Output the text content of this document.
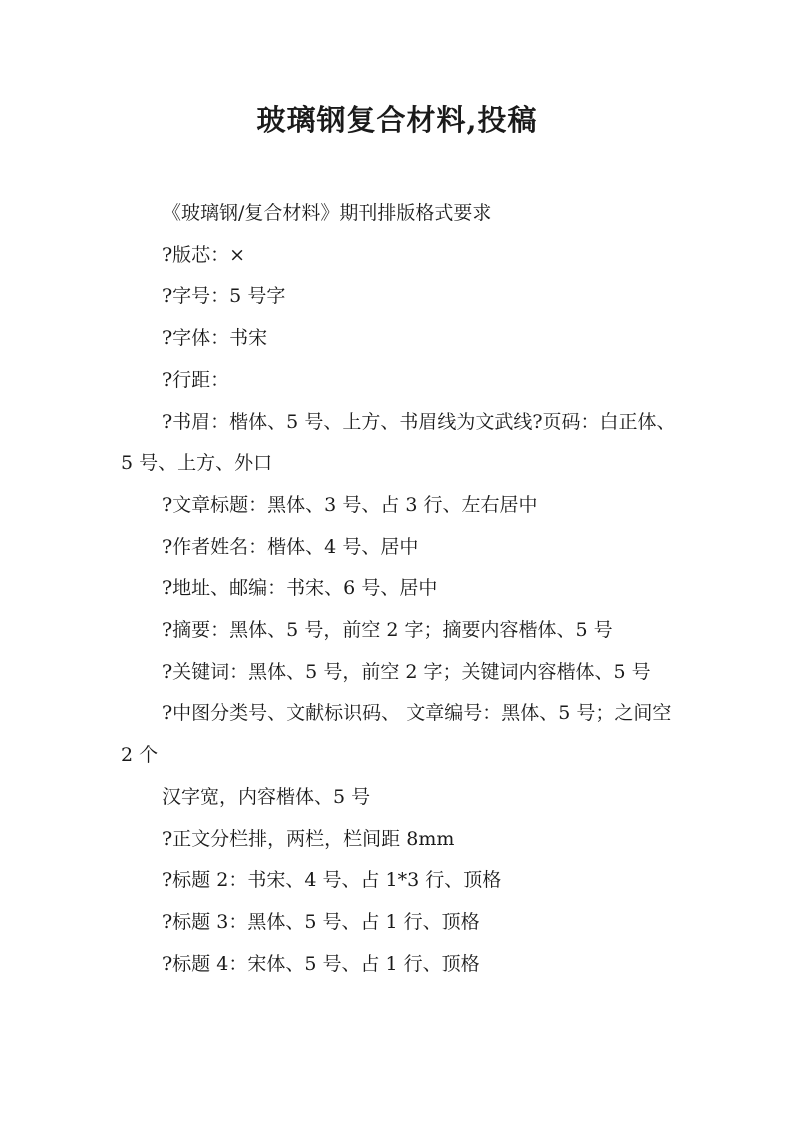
玻璃钢复合材料,投稿

《玻璃钢/复合材料》期刊排版格式要求

?版芯：×

?字号：5 号字

?字体：书宋

?行距：

?书眉：楷体、5 号、上方、书眉线为文武线?页码：白正体、5 号、上方、外口

?文章标题：黑体、3 号、占 3 行、左右居中

?作者姓名：楷体、4 号、居中

?地址、邮编：书宋、6 号、居中

?摘要：黑体、5 号，前空 2 字；摘要内容楷体、5 号

?关键词：黑体、5 号，前空 2 字；关键词内容楷体、5 号

?中图分类号、文献标识码、 文章编号：黑体、5 号；之间空 2 个

汉字宽，内容楷体、5 号

?正文分栏排，两栏，栏间距 8mm

?标题 2：书宋、4 号、占 1*3 行、顶格

?标题 3：黑体、5 号、占 1 行、顶格

?标题 4：宋体、5 号、占 1 行、顶格
